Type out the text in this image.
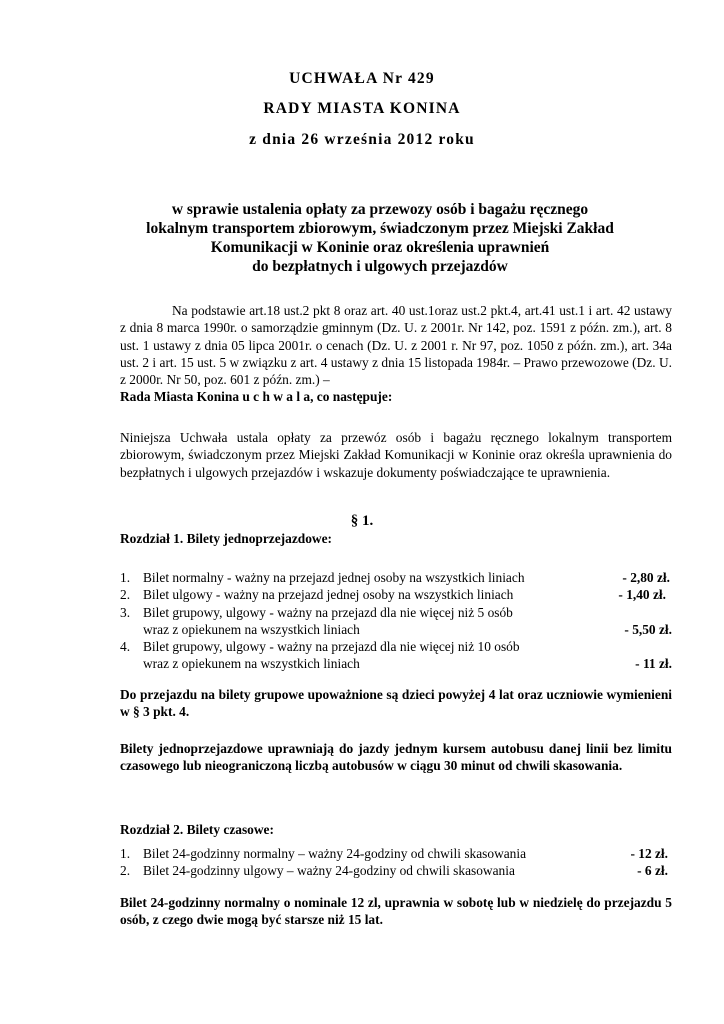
UCHWAŁA Nr 429
RADY MIASTA KONINA
z dnia 26 września 2012 roku
w sprawie ustalenia opłaty za przewozy osób i bagażu ręcznego
lokalnym transportem zbiorowym, świadczonym przez Miejski Zakład
Komunikacji w Koninie oraz określenia uprawnień
do bezpłatnych i ulgowych przejazdów
Na podstawie art.18 ust.2 pkt 8 oraz art. 40 ust.1oraz ust.2 pkt.4, art.41 ust.1 i art. 42 ustawy z dnia 8 marca 1990r. o samorządzie gminnym (Dz. U. z 2001r. Nr 142, poz. 1591 z późn. zm.), art. 8 ust. 1 ustawy z dnia 05 lipca 2001r. o cenach (Dz. U. z 2001 r. Nr 97, poz. 1050 z późn. zm.), art. 34a ust. 2 i art. 15 ust. 5 w związku z art. 4 ustawy z dnia 15 listopada 1984r. – Prawo przewozowe (Dz. U. z 2000r. Nr 50, poz. 601 z późn. zm.) –
Rada Miasta Konina u c h w a l a, co następuje:
Niniejsza Uchwała ustala opłaty za przewóz osób i bagażu ręcznego lokalnym transportem zbiorowym, świadczonym przez Miejski Zakład Komunikacji w Koninie oraz określa uprawnienia do bezpłatnych i ulgowych przejazdów i wskazuje dokumenty poświadczające te uprawnienia.
§ 1.
Rozdział 1. Bilety jednoprzejazdowe:
1. Bilet normalny - ważny na przejazd jednej osoby na wszystkich liniach	- 2,80 zł.
2. Bilet ulgowy - ważny na przejazd jednej osoby na wszystkich liniach	- 1,40 zł.
3. Bilet grupowy, ulgowy - ważny na przejazd dla nie więcej niż 5 osób
wraz z opiekunem na wszystkich liniach	- 5,50 zł.
4. Bilet grupowy, ulgowy - ważny na przejazd dla nie więcej niż 10 osób
wraz z opiekunem na wszystkich liniach	- 11 zł.
Do przejazdu na bilety grupowe upoważnione są dzieci powyżej 4 lat oraz uczniowie wymienieni w § 3 pkt. 4.
Bilety jednoprzejazdowe uprawniają do jazdy jednym kursem autobusu danej linii bez limitu czasowego lub nieograniczoną liczbą autobusów w ciągu 30 minut od chwili skasowania.
Rozdział 2. Bilety czasowe:
1. Bilet 24-godzinny normalny – ważny 24-godziny od chwili skasowania	- 12 zł.
2. Bilet 24-godzinny ulgowy – ważny 24-godziny od chwili skasowania	- 6 zł.
Bilet 24-godzinny normalny o nominale 12 zl, uprawnia w sobotę lub w niedzielę do przejazdu 5 osób, z czego dwie mogą być starsze niż 15 lat.
